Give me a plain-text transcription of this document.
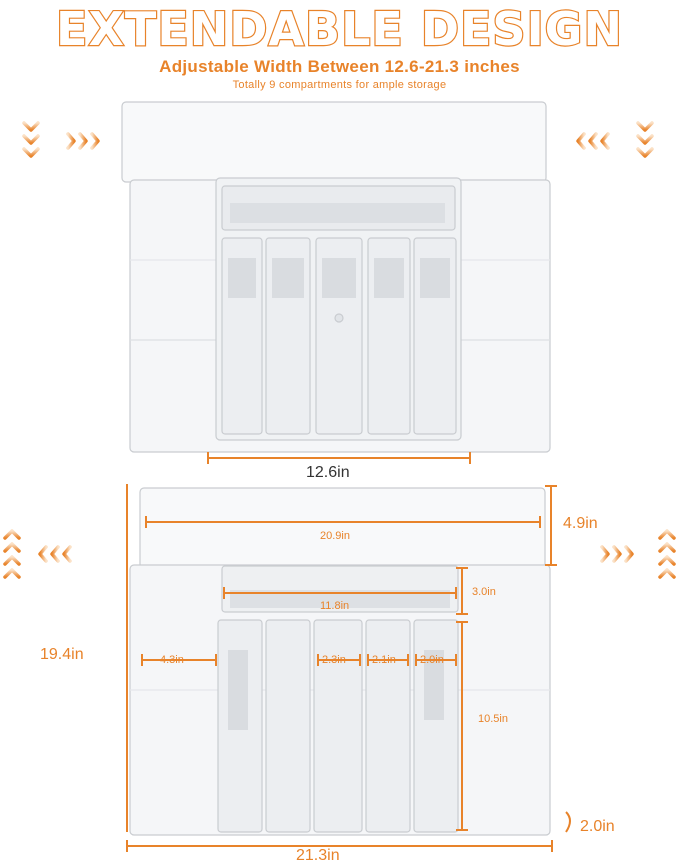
EXTENDABLE DESIGN
Adjustable Width Between 12.6-21.3 inches
Totally 9 compartments for ample storage
12.6in
21.3in
19.4in
20.9in
4.9in
11.8in
3.0in
4.3in	2.3in 2.1in 2.0in
10.5in
2.0in
